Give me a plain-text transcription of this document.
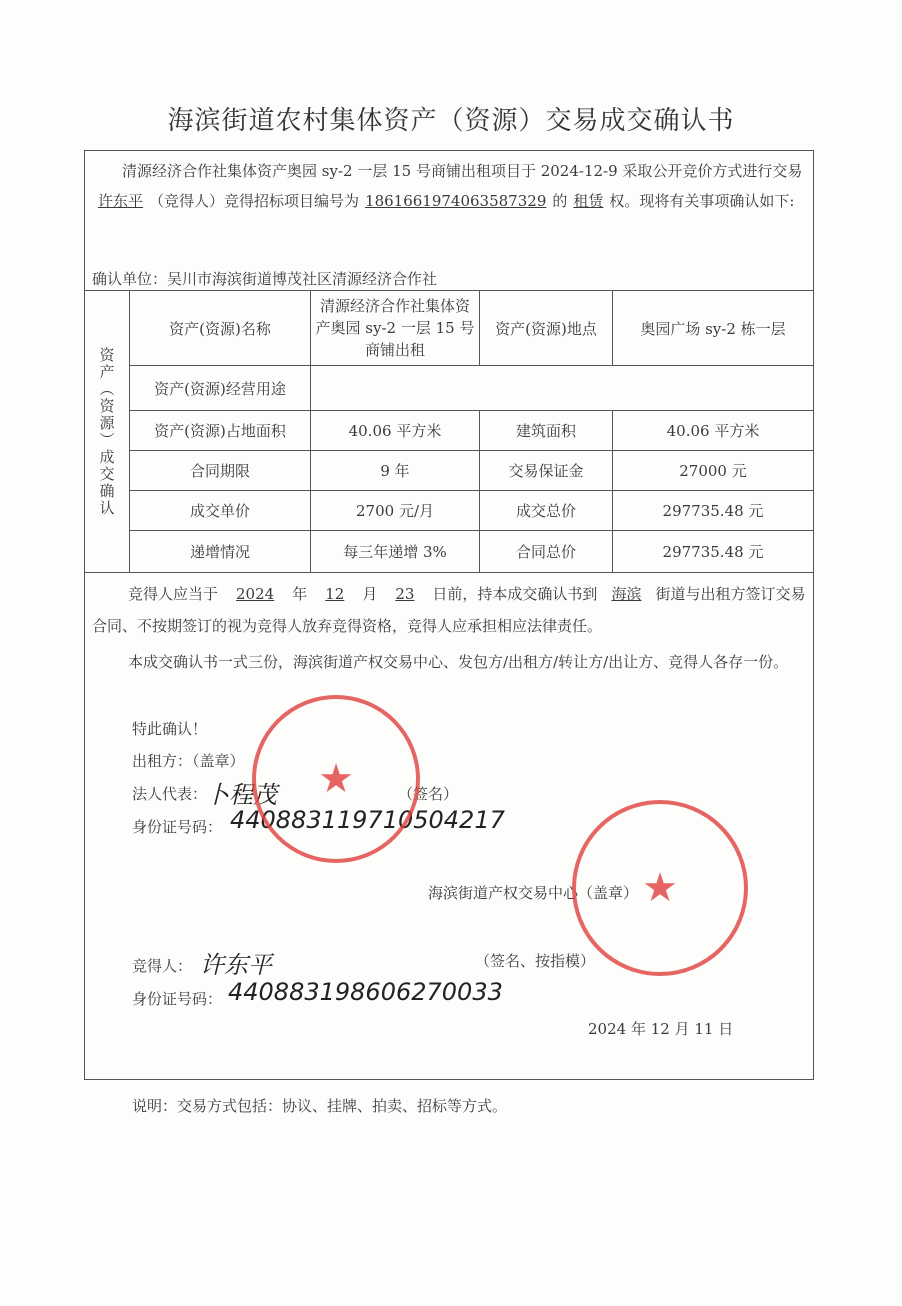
海滨街道农村集体资产（资源）交易成交确认书
清源经济合作社集体资产奥园 sy-2 一层 15 号商铺出租项目于 2024-12-9 采取公开竞价方式进行交易许东平 （竞得人）竞得招标项目编号为 1861661974063587329 的 租赁 权。现将有关事项确认如下:
确认单位：吴川市海滨街道博茂社区清源经济合作社
资产（资源）成交确认	资产(资源)名称	清源经济合作社集体资产奥园 sy-2 一层 15 号商铺出租	资产(资源)地点	奥园广场 sy-2 栋一层
	资产(资源)经营用途			
	资产(资源)占地面积	40.06 平方米	建筑面积	40.06 平方米
	合同期限	9 年	交易保证金	27000 元
	成交单价	2700 元/月	成交总价	297735.48 元
	递增情况	每三年递增 3%	合同总价	297735.48 元
竞得人应当于 2024 年 12 月 23 日前，持本成交确认书到 海滨 街道与出租方签订交易合同、不按期签订的视为竞得人放弃竞得资格，竞得人应承担相应法律责任。
本成交确认书一式三份，海滨街道产权交易中心、发包方/出租方/转让方/出让方、竞得人各存一份。
特此确认！
出租方：（盖章）
法人代表：
卜程茂	（签名）
身份证号码： 440883119710504217
★
海滨街道产权交易中心（盖章） ★
竞得人： 许东平	（签名、按指模）
身份证号码： 440883198606270033
2024 年 12 月 11 日
说明：交易方式包括：协议、挂牌、拍卖、招标等方式。
